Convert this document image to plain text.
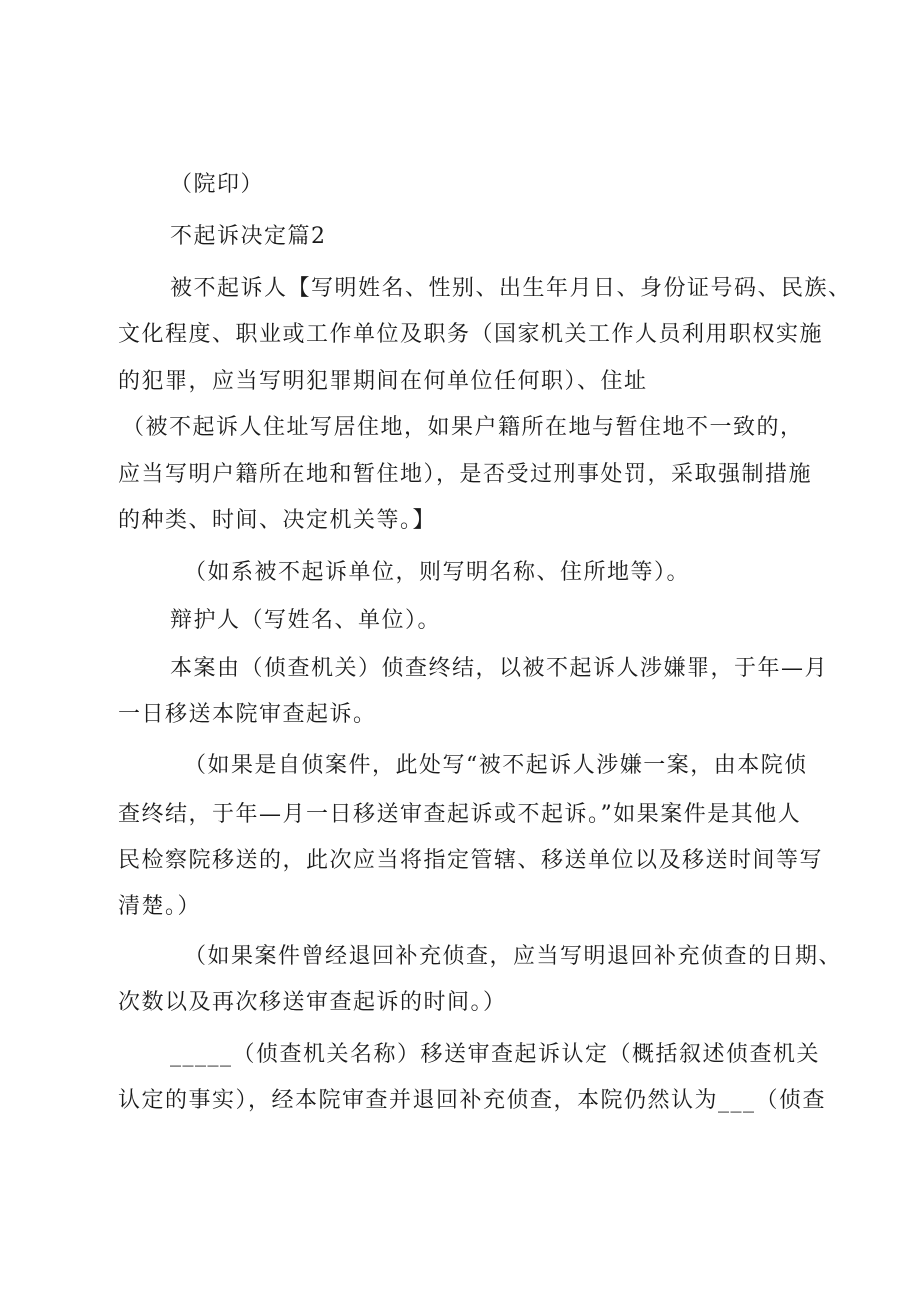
（院印）
不起诉决定篇2
被不起诉人【写明姓名、性别、出生年月日、身份证号码、民族、
文化程度、职业或工作单位及职务（国家机关工作人员利用职权实施
的犯罪，应当写明犯罪期间在何单位任何职）、住址
（被不起诉人住址写居住地，如果户籍所在地与暂住地不一致的，
应当写明户籍所在地和暂住地），是否受过刑事处罚，采取强制措施
的种类、时间、决定机关等。】
（如系被不起诉单位，则写明名称、住所地等）。
辩护人（写姓名、单位）。
本案由（侦查机关）侦查终结，以被不起诉人涉嫌罪，于年—月
一日移送本院审查起诉。
（如果是自侦案件，此处写“被不起诉人涉嫌一案，由本院侦
查终结，于年—月一日移送审查起诉或不起诉。”如果案件是其他人
民检察院移送的，此次应当将指定管辖、移送单位以及移送时间等写
清楚。）
（如果案件曾经退回补充侦查，应当写明退回补充侦查的日期、
次数以及再次移送审查起诉的时间。）
_____（侦查机关名称）移送审查起诉认定（概括叙述侦查机关
认定的事实），经本院审查并退回补充侦查，本院仍然认为___（侦查
